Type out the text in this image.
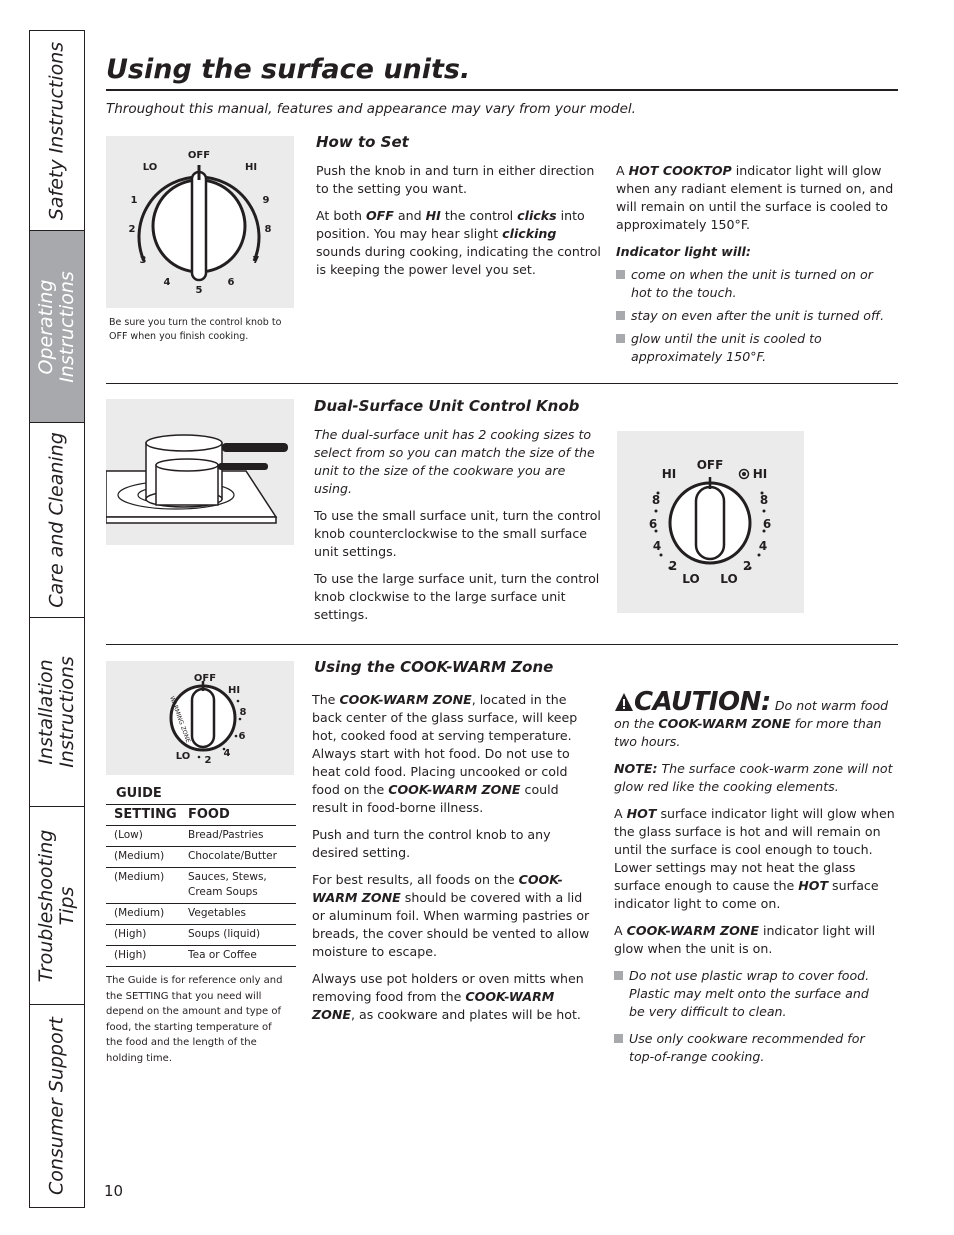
Safety Instructions
Operating Instructions
Care and Cleaning
Installation Instructions
Troubleshooting Tips
Consumer Support
Using the surface units.
Throughout this manual, features and appearance may vary from your model.
OFF
LO	HI
1
2
3
4
5
6
7
8
9
Be sure you turn the control knob to OFF when you finish cooking.
How to Set

Push the knob in and turn in either direction to the setting you want.

At both OFF and HI the control clicks into position. You may hear slight clicking sounds during cooking, indicating the control is keeping the power level you set.

A HOT COOKTOP indicator light will glow when any radiant element is turned on, and will remain on until the surface is cooled to approximately 150°F.

Indicator light will:

come on when the unit is turned on or hot to the touch.
stay on even after the unit is turned off.
glow until the unit is cooled to approximately 150°F.
Dual-Surface Unit Control Knob

The dual-surface unit has 2 cooking sizes to select from so you can match the size of the unit to the size of the cookware you are using.

To use the small surface unit, turn the control knob counterclockwise to the small surface unit settings.

To use the large surface unit, turn the control knob clockwise to the large surface unit settings.

OFF
HI	HI
8
6
4
2
LO
8
6
4
2
LO
OFF
HI
8
6
4
2
LO
WARMING ZONE
GUIDE
SETTING	FOOD
(Low)	Bread/Pastries
(Medium)	Chocolate/Butter
(Medium)	Sauces, Stews, Cream Soups
(Medium)	Vegetables
(High)	Soups (liquid)
(High)	Tea or Coffee
The Guide is for reference only and the SETTING that you need will depend on the amount and type of food, the starting temperature of the food and the length of the holding time.
Using the COOK-WARM Zone

The COOK-WARM ZONE, located in the back center of the glass surface, will keep hot, cooked food at serving temperature. Always start with hot food. Do not use to heat cold food. Placing uncooked or cold food on the COOK-WARM ZONE could result in food-borne illness.

Push and turn the control knob to any desired setting.

For best results, all foods on the COOK-WARM ZONE should be covered with a lid or aluminum foil. When warming pastries or breads, the cover should be vented to allow moisture to escape.

Always use pot holders or oven mitts when removing food from the COOK-WARM ZONE, as cookware and plates will be hot.

CAUTION: Do not warm food on the COOK-WARM ZONE for more than two hours.

NOTE: The surface cook-warm zone will not glow red like the cooking elements.

A HOT surface indicator light will glow when the glass surface is hot and will remain on until the surface is cool enough to touch. Lower settings may not heat the glass surface enough to cause the HOT surface indicator light to come on.

A COOK-WARM ZONE indicator light will glow when the unit is on.

Do not use plastic wrap to cover food. Plastic may melt onto the surface and be very difficult to clean.
Use only cookware recommended for top-of-range cooking.
10
